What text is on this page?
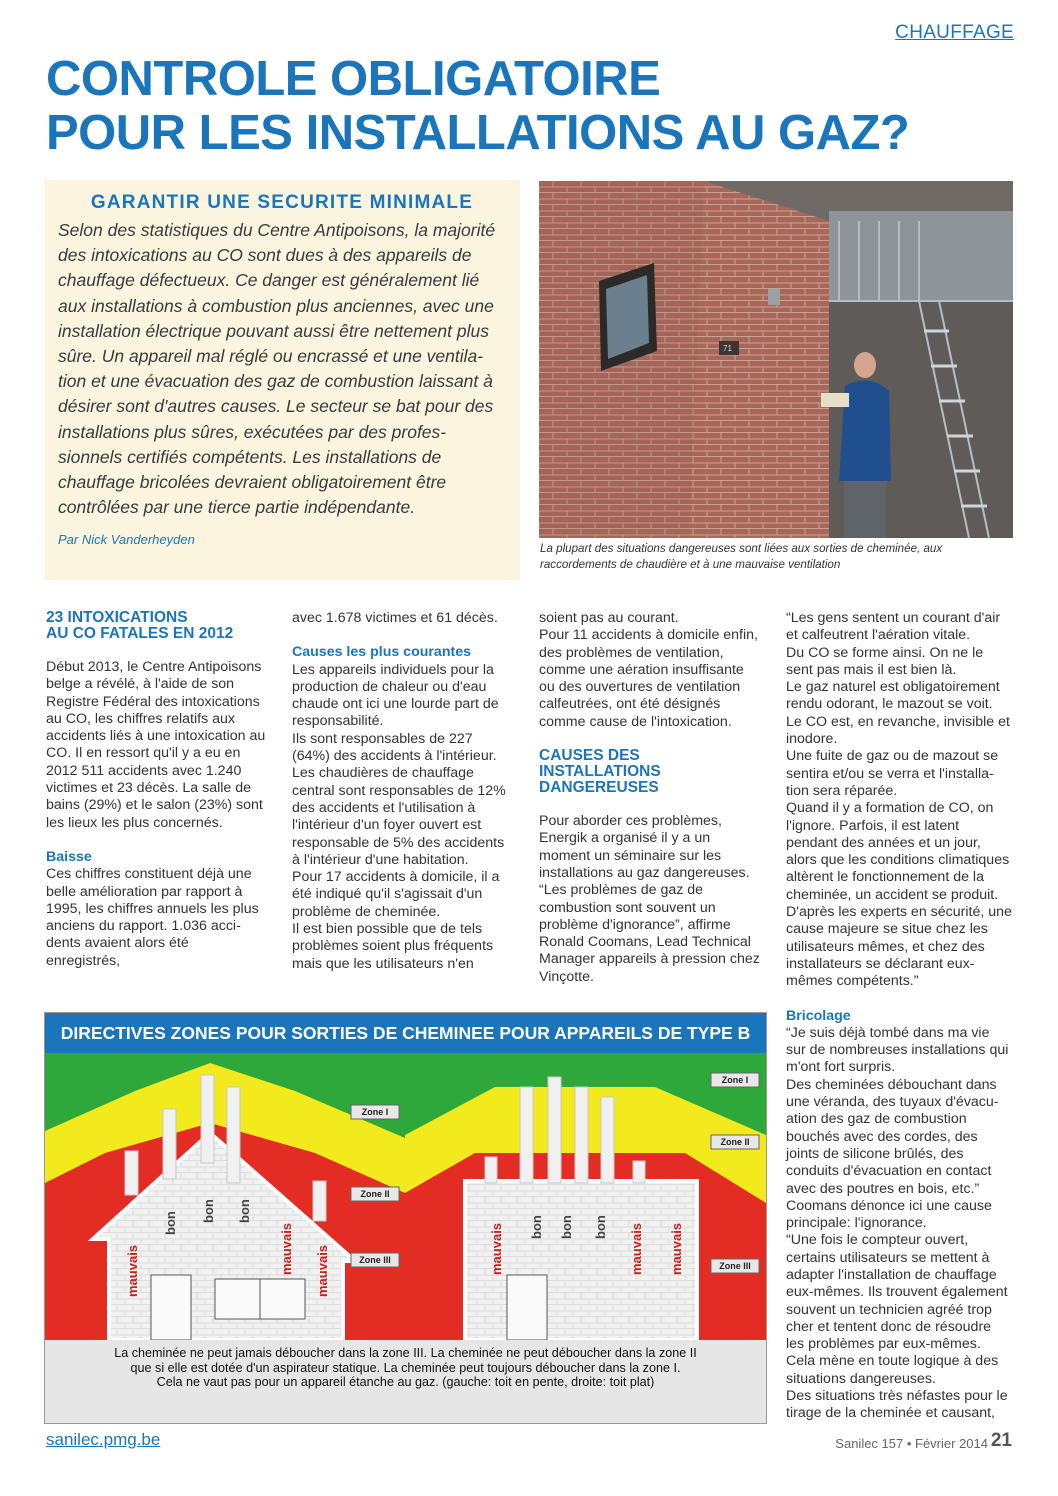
CHAUFFAGE
CONTROLE OBLIGATOIRE
POUR LES INSTALLATIONS AU GAZ?
GARANTIR UNE SECURITE MINIMALE
Selon des statistiques du Centre Antipoisons, la majorité des intoxications au CO sont dues à des appareils de chauffage défectueux. Ce danger est généralement lié aux installations à combustion plus anciennes, avec une installation électrique pouvant aussi être nettement plus sûre. Un appareil mal réglé ou encrassé et une ventila-tion et une évacuation des gaz de combustion laissant à désirer sont d'autres causes. Le secteur se bat pour des installations plus sûres, exécutées par des profes-sionnels certifiés compétents. Les installations de chauffage bricolées devraient obligatoirement être contrôlées par une tierce partie indépendante.
Par Nick Vanderheyden
71
La plupart des situations dangereuses sont liées aux sorties de cheminée, aux raccordements de chaudière et à une mauvaise ventilation

23 INTOXICATIONS

AU CO FATALES EN 2012

Début 2013, le Centre Antipoisons belge a révélé, à l'aide de son Registre Fédéral des intoxications au CO, les chiffres relatifs aux accidents liés à une intoxication au CO. Il en ressort qu'il y a eu en 2012 511 accidents avec 1.240 victimes et 23 décès. La salle de bains (29%) et le salon (23%) sont les lieux les plus concernés.

Baisse

Ces chiffres constituent déjà une belle amélioration par rapport à 1995, les chiffres annuels les plus anciens du rapport. 1.036 acci-dents avaient alors été enregistrés,

avec 1.678 victimes et 61 décès.

Causes les plus courantes

Les appareils individuels pour la production de chaleur ou d'eau chaude ont ici une lourde part de responsabilité.

Ils sont responsables de 227 (64%) des accidents à l'intérieur.

Les chaudières de chauffage central sont responsables de 12% des accidents et l'utilisation à l'intérieur d'un foyer ouvert est responsable de 5% des accidents à l'intérieur d'une habitation.

Pour 17 accidents à domicile, il a été indiqué qu'il s'agissait d'un problème de cheminée.

Il est bien possible que de tels problèmes soient plus fréquents mais que les utilisateurs n'en

soient pas au courant.

Pour 11 accidents à domicile enfin, des problèmes de ventilation, comme une aération insuffisante ou des ouvertures de ventilation calfeutrées, ont été désignés comme cause de l'intoxication.

CAUSES DES INSTALLATIONS

DANGEREUSES

Pour aborder ces problèmes, Energik a organisé il y a un moment un séminaire sur les installations au gaz dangereuses.

“Les problèmes de gaz de combustion sont souvent un problème d'ignorance”, affirme Ronald Coomans, Lead Technical Manager appareils à pression chez Vinçotte.

“Les gens sentent un courant d'air et calfeutrent l'aération vitale.

Du CO se forme ainsi. On ne le sent pas mais il est bien là.

Le gaz naturel est obligatoirement rendu odorant, le mazout se voit.

Le CO est, en revanche, invisible et inodore.

Une fuite de gaz ou de mazout se sentira et/ou se verra et l'installa-tion sera réparée.

Quand il y a formation de CO, on l'ignore. Parfois, il est latent pendant des années et un jour, alors que les conditions climatiques altèrent le fonctionnement de la cheminée, un accident se produit.

D'après les experts en sécurité, une cause majeure se situe chez les utilisateurs mêmes, et chez des installateurs se déclarant eux-mêmes compétents.”

Bricolage

“Je suis déjà tombé dans ma vie sur de nombreuses installations qui m'ont fort surpris.

Des cheminées débouchant dans une véranda, des tuyaux d'évacu-ation des gaz de combustion bouchés avec des cordes, des joints de silicone brûlés, des conduits d'évacuation en contact avec des poutres en bois, etc.”

Coomans dénonce ici une cause principale: l'ignorance.

“Une fois le compteur ouvert, certains utilisateurs se mettent à adapter l'installation de chauffage eux-mêmes. Ils trouvent également souvent un technicien agréé trop cher et tentent donc de résoudre les problèmes par eux-mêmes.

Cela mène en toute logique à des situations dangereuses.

Des situations très néfastes pour le tirage de la cheminée et causant,

DIRECTIVES ZONES POUR SORTIES DE CHEMINEE POUR APPAREILS DE TYPE B
Zone I
Zone II
Zone III
Zone I
Zone II
Zone III
mauvais
bon
bon bon
mauvais mauvais	mauvais bon bon bon mauvais mauvais
La cheminée ne peut jamais déboucher dans la zone III. La cheminée ne peut déboucher dans la zone II
que si elle est dotée d'un aspirateur statique. La cheminée peut toujours déboucher dans la zone I.
Cela ne vaut pas pour un appareil étanche au gaz. (gauche: toit en pente, droite: toit plat)
sanilec.pmg.be	Sanilec 157 • Février 2014 21
